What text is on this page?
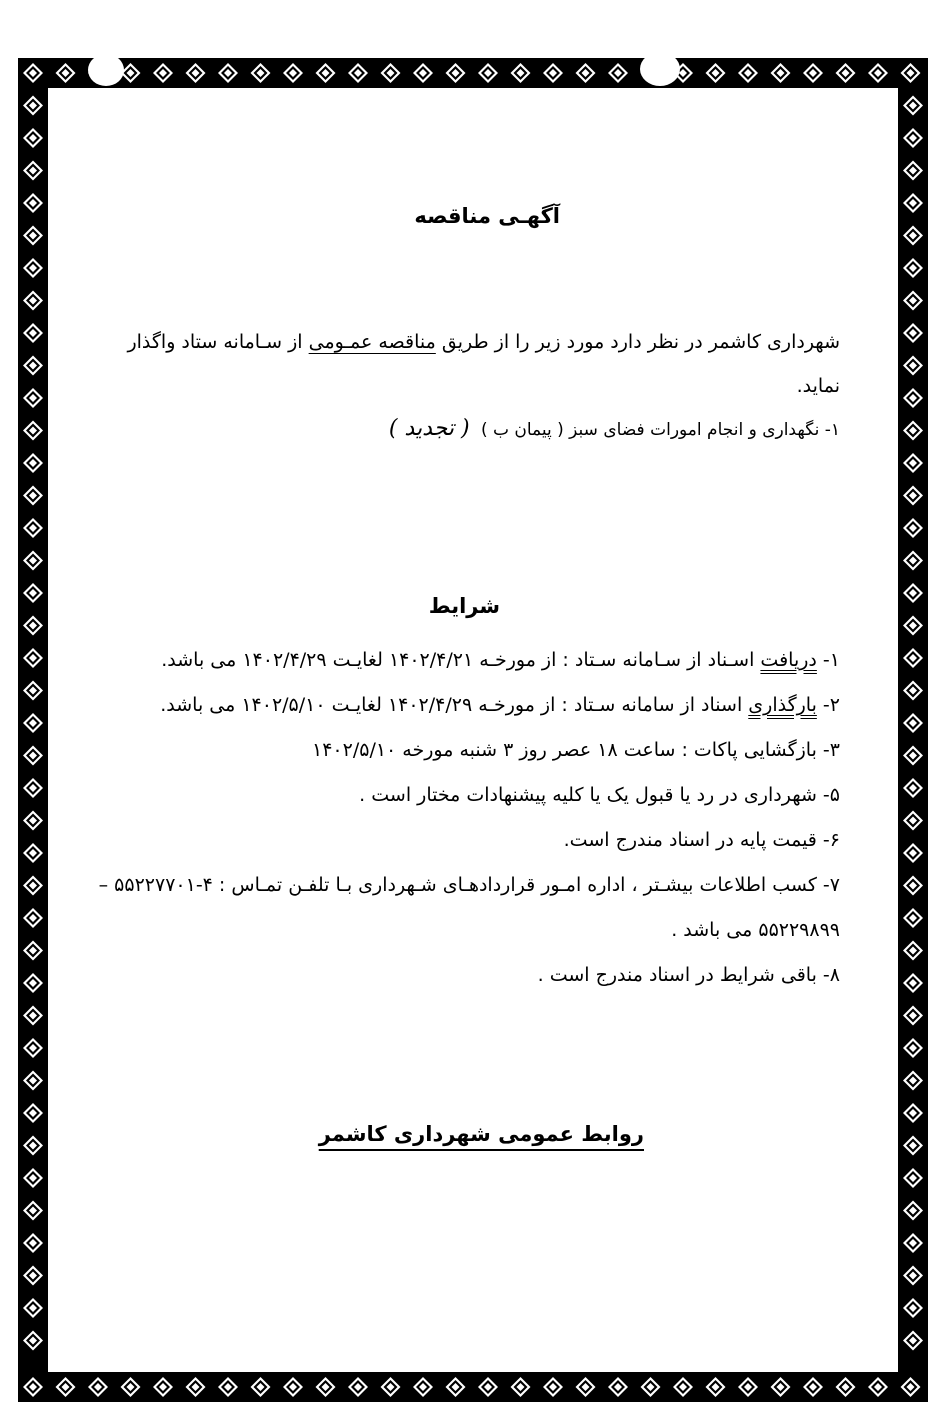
آگهـی مناقصه
شهرداری کاشمر در نظر دارد مورد زیر را از طریق مناقصه عمـومی از سـامانه ستاد واگذار نماید.
۱- نگهداری و انجام امورات فضای سبز ( پیمان ب ) ( تجدید )
شرایط
۱- دریافت اسـناد از سـامانه سـتاد : از مورخـه ۱۴۰۲/۴/۲۱ لغایـت ۱۴۰۲/۴/۲۹ می باشد.
۲- بارگذاری اسناد از سامانه سـتاد : از مورخـه ۱۴۰۲/۴/۲۹ لغایـت ۱۴۰۲/۵/۱۰ می باشد.
۳- بازگشایی پاکات : ساعت ۱۸ عصر روز ۳ شنبه مورخه ۱۴۰۲/۵/۱۰
۵- شهرداری در رد یا قبول یک یا کلیه پیشنهادات مختار است .
۶- قیمت پایه در اسناد مندرج است.
۷- کسب اطلاعات بیشـتر ، اداره امـور قراردادهـای شـهرداری بـا تلفـن تمـاس : ۴-۵۵۲۲۷۷۰۱ – ۵۵۲۲۹۸۹۹ می باشد .
۸- باقی شرایط در اسناد مندرج است .
روابط عمومی شهرداری کاشمر
